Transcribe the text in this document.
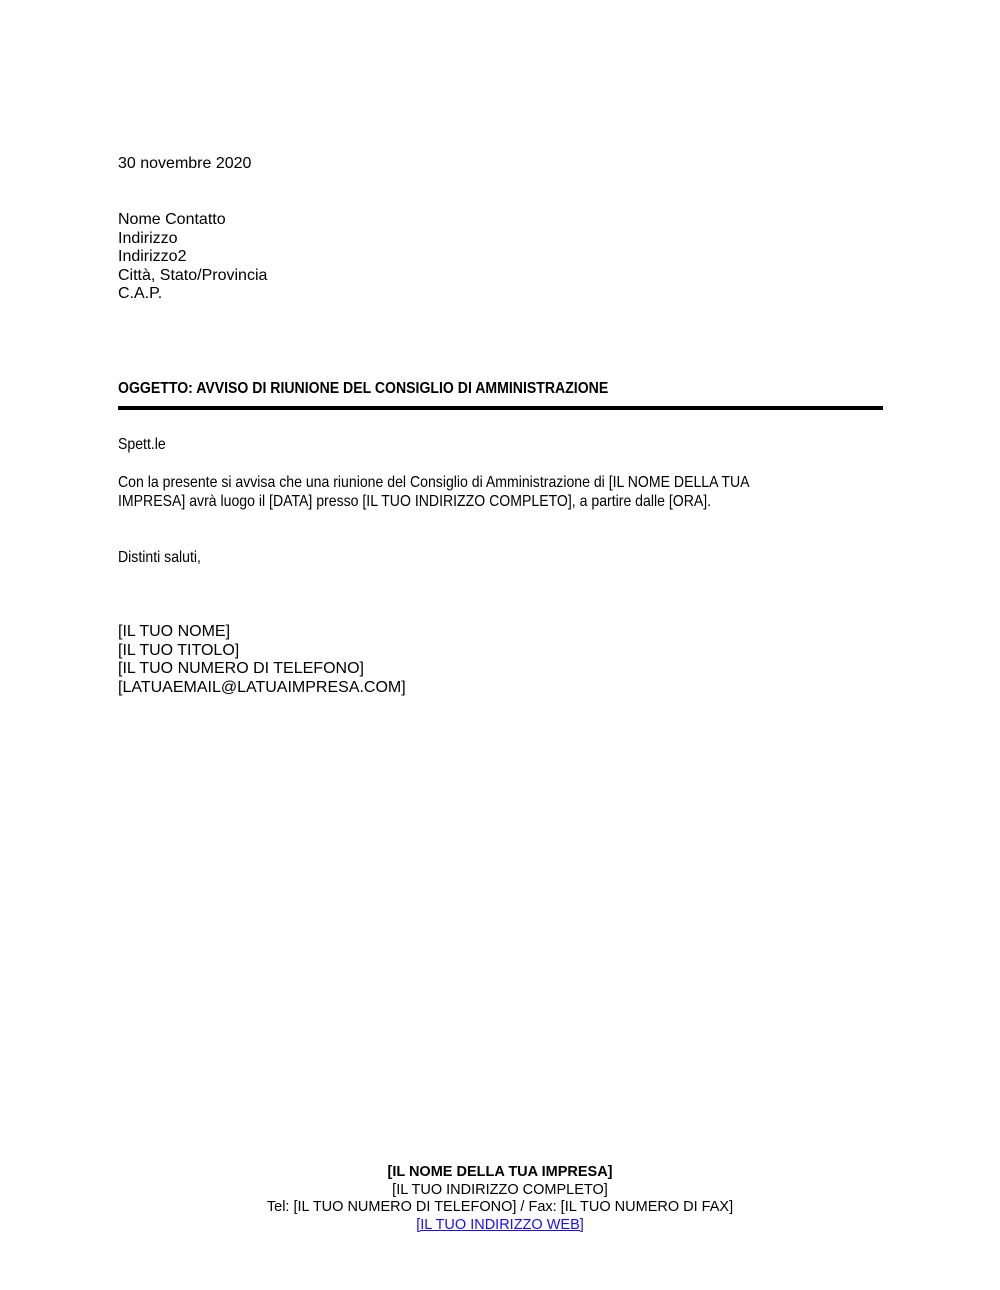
30 novembre 2020
Nome Contatto
Indirizzo
Indirizzo2
Città, Stato/Provincia
C.A.P.
OGGETTO: AVVISO DI RIUNIONE DEL CONSIGLIO DI AMMINISTRAZIONE
Spett.le
Con la presente si avvisa che una riunione del Consiglio di Amministrazione di [IL NOME DELLA TUA
IMPRESA] avrà luogo il [DATA] presso [IL TUO INDIRIZZO COMPLETO], a partire dalle [ORA].
Distinti saluti,
[IL TUO NOME]
[IL TUO TITOLO]
[IL TUO NUMERO DI TELEFONO]
[LATUAEMAIL@LATUAIMPRESA.COM]
[IL NOME DELLA TUA IMPRESA]
[IL TUO INDIRIZZO COMPLETO]
Tel: [IL TUO NUMERO DI TELEFONO] / Fax: [IL TUO NUMERO DI FAX]
[IL TUO INDIRIZZO WEB]
